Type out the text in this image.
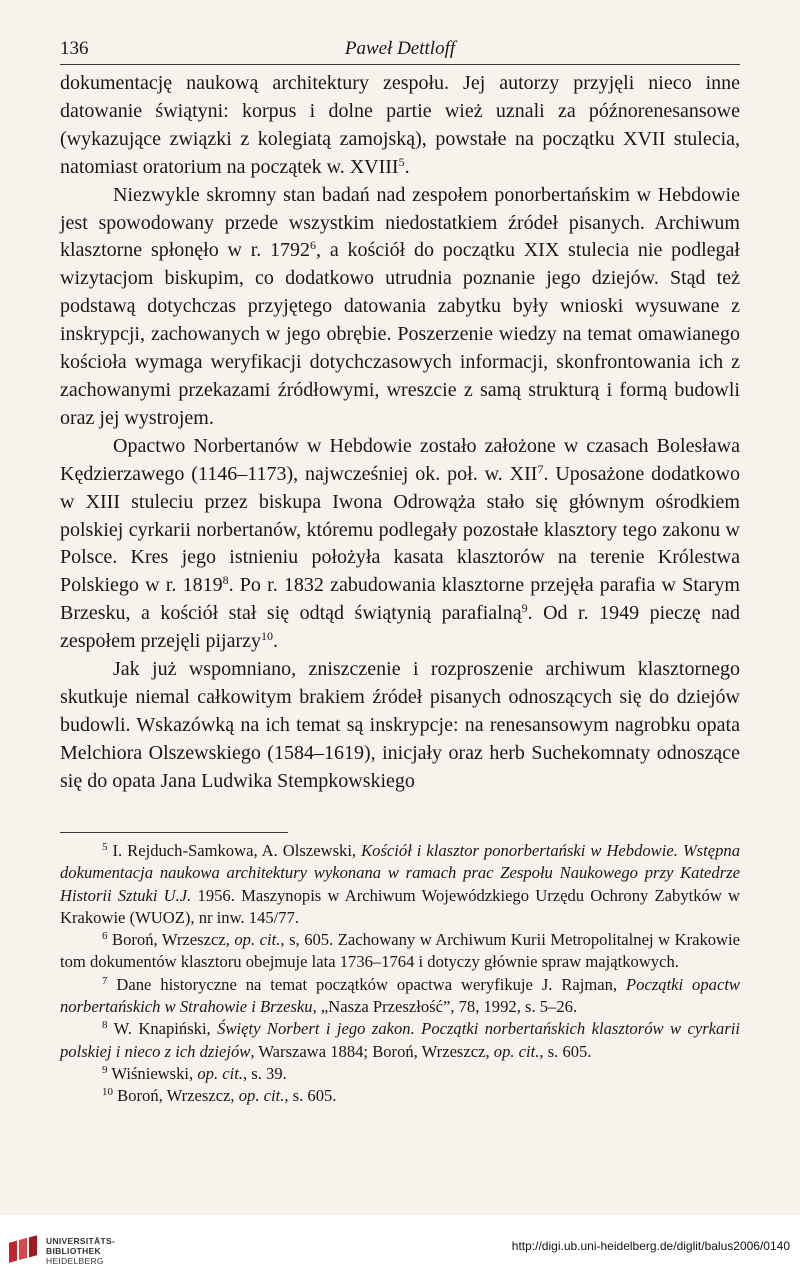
136	Paweł Dettloff

dokumentację naukową architektury zespołu. Jej autorzy przyjęli nieco inne datowanie świątyni: korpus i dolne partie wież uznali za późnorenesansowe (wykazujące związki z kolegiatą zamojską), powstałe na początku XVII stulecia, natomiast oratorium na początek w. XVIII$^5$.

Niezwykle skromny stan badań nad zespołem ponorbertańskim w Hebdowie jest spowodowany przede wszystkim niedostatkiem źródeł pisanych. Archiwum klasztorne spłonęło w r. 1792$^6$, a kościół do początku XIX stulecia nie podlegał wizytacjom biskupim, co dodatkowo utrudnia poznanie jego dziejów. Stąd też podstawą dotychczas przyjętego datowania zabytku były wnioski wysuwane z inskrypcji, zachowanych w jego obrębie. Poszerzenie wiedzy na temat omawianego kościoła wymaga weryfikacji dotychczasowych informacji, skonfrontowania ich z zachowanymi przekazami źródłowymi, wreszcie z samą strukturą i formą budowli oraz jej wystrojem.

Opactwo Norbertanów w Hebdowie zostało założone w czasach Bolesława Kędzierzawego (1146–1173), najwcześniej ok. poł. w. XII$^7$. Uposażone dodatkowo w XIII stuleciu przez biskupa Iwona Odrowąża stało się głównym ośrodkiem polskiej cyrkarii norbertanów, któremu podlegały pozostałe klasztory tego zakonu w Polsce. Kres jego istnieniu położyła kasata klasztorów na terenie Królestwa Polskiego w r. 1819$^8$. Po r. 1832 zabudowania klasztorne przejęła parafia w Starym Brzesku, a kościół stał się odtąd świątynią parafialną$^9$. Od r. 1949 pieczę nad zespołem przejęli pijarzy$^{10}$.

Jak już wspomniano, zniszczenie i rozproszenie archiwum klasztornego skutkuje niemal całkowitym brakiem źródeł pisanych odnoszących się do dziejów budowli. Wskazówką na ich temat są inskrypcje: na renesansowym nagrobku opata Melchiora Olszewskiego (1584–1619), inicjały oraz herb Suchekomnaty odnoszące się do opata Jana Ludwika Stempkowskiego

$^5$ I. Rejduch-Samkowa, A. Olszewski, Kościół i klasztor ponorbertański w Hebdowie. Wstępna dokumentacja naukowa architektury wykonana w ramach prac Zespołu Naukowego przy Katedrze Historii Sztuki U.J. 1956. Maszynopis w Archiwum Wojewódzkiego Urzędu Ochrony Zabytków w Krakowie (WUOZ), nr inw. 145/77.

$^6$ Boroń, Wrzeszcz, op. cit., s, 605. Zachowany w Archiwum Kurii Metropolitalnej w Krakowie tom dokumentów klasztoru obejmuje lata 1736–1764 i dotyczy głównie spraw majątkowych.

$^7$ Dane historyczne na temat początków opactwa weryfikuje J. Rajman, Początki opactw norbertańskich w Strahowie i Brzesku, „Nasza Przeszłość”, 78, 1992, s. 5–26.

$^8$ W. Knapiński, Święty Norbert i jego zakon. Początki norbertańskich klasztorów w cyrkarii polskiej i nieco z ich dziejów, Warszawa 1884; Boroń, Wrzeszcz, op. cit., s. 605.

$^9$ Wiśniewski, op. cit., s. 39.

$^{10}$ Boroń, Wrzeszcz, op. cit., s. 605.

UNIVERSITÄTS-
BIBLIOTHEK
HEIDELBERG
http://digi.ub.uni-heidelberg.de/diglit/balus2006/0140
